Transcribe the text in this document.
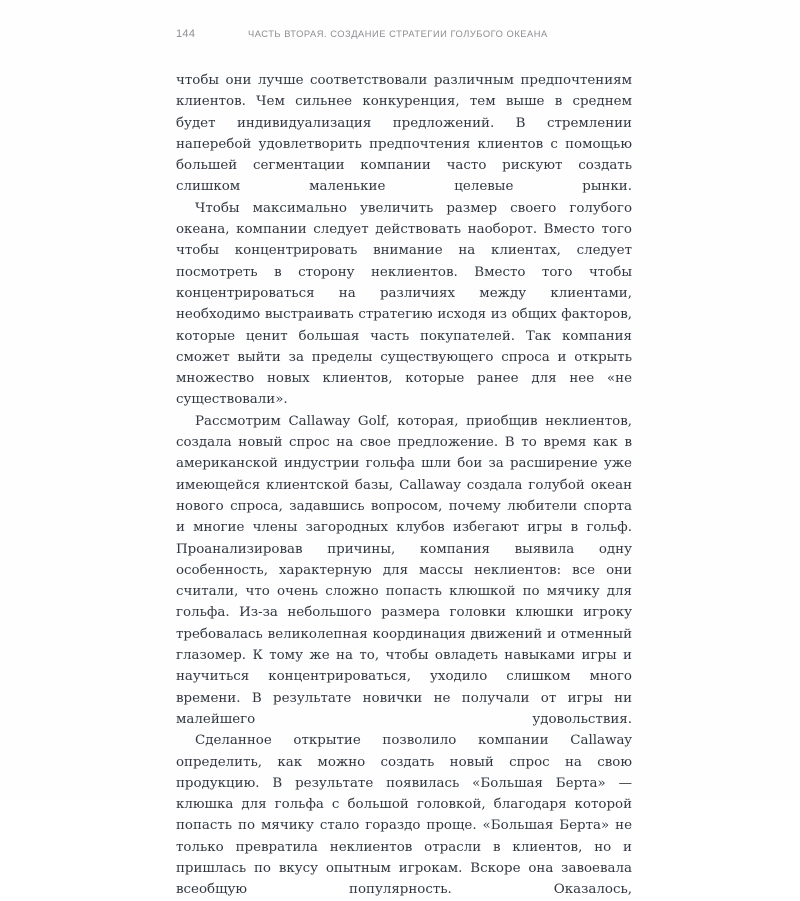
144	ЧАСТЬ ВТОРАЯ. СОЗДАНИЕ СТРАТЕГИИ ГОЛУБОГО ОКЕАНА

чтобы они лучше соответствовали различным предпочтениям клиентов. Чем сильнее конкуренция, тем выше в среднем будет индивидуализация предложений. В стремлении наперебой удовлетворить предпочтения клиентов с помощью большей сегментации компании часто рискуют создать слишком маленькие целевые рынки.

Чтобы максимально увеличить размер своего голубого океана, компании следует действовать наоборот. Вместо того чтобы концентрировать внимание на клиентах, следует посмотреть в сторону неклиентов. Вместо того чтобы концентрироваться на различиях между клиентами, необходимо выстраивать стратегию исходя из общих факторов, которые ценит большая часть покупателей. Так компания сможет выйти за пределы существующего спроса и открыть множество новых клиентов, которые ранее для нее «не существовали».

Рассмотрим Callaway Golf, которая, приобщив неклиентов, создала новый спрос на свое предложение. В то время как в американской индустрии гольфа шли бои за расширение уже имеющейся клиентской базы, Callaway создала голубой океан нового спроса, задавшись вопросом, почему любители спорта и многие члены загородных клубов избегают игры в гольф. Проанализировав причины, компания выявила одну особенность, характерную для массы неклиентов: все они считали, что очень сложно попасть клюшкой по мячику для гольфа. Из-за небольшого размера головки клюшки игроку требовалась великолепная координация движений и отменный глазомер. К тому же на то, чтобы овладеть навыками игры и научиться концентрироваться, уходило слишком много времени. В результате новички не получали от игры ни малейшего удовольствия.

Сделанное открытие позволило компании Callaway определить, как можно создать новый спрос на свою продукцию. В результате появилась «Большая Берта» — клюшка для гольфа с большой головкой, благодаря которой попасть по мячику стало гораздо проще. «Большая Берта» не только превратила неклиентов отрасли в клиентов, но и пришлась по вкусу опытным игрокам. Вскоре она завоевала всеобщую популярность. Оказалось,
